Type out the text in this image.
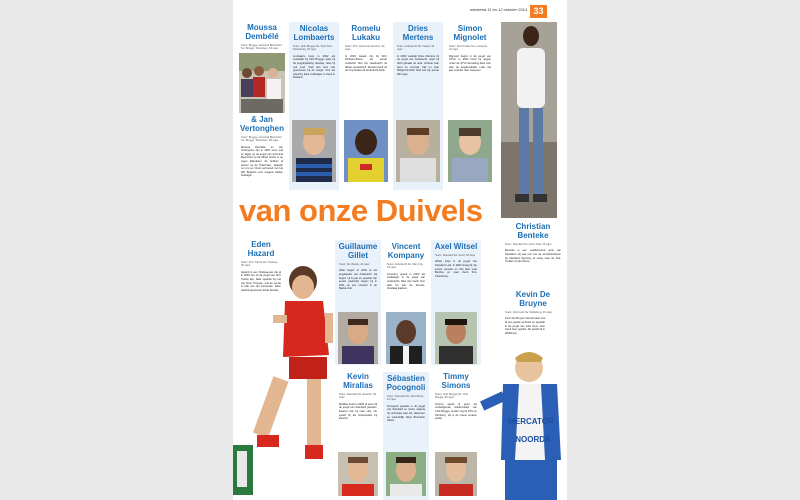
weekend 11 en 12 oktober 2014 33
Moussa Dembélé
Team: Brugge, Germinal Beerschot Nu: Brugge, Tottenham, 23 caps
& Jan Vertonghen
Team: Brugge, Germinal Beerschot Nu: Brugge, Tottenham, 55 caps
Moussa Dembélé en Jan Vertonghen zijn in 1987 even oud en lagen op de jeugd van Germinal Beerschot op de Alfred Verlee in op tegen Wandelen. Ze hebben al samen op de Tottenham, Jaquelin om om se. Omet vertrouwd met het WK Belgisch voor toegeve bleken bedragen.
Nicolas Lombaerts
Team: Club Brugge Nu: Zenit Sint-Petersburg, 36 caps
Lombaerts loopt in 2002 als voetballer bij Club Brugge, waar hij de jeugdopleiding doorliep, doet hij ook rond. Club kan hem niet geoorloven bij de Jeugd. Ook als stand-by kiest verdediger in Zenit in Rusland.
Romelu Lukaku
Team: KFC Lierse Nu: Everton, 34 caps
In 2003 zwaait zijn bij KFC Wintham-Boom als eerste vorderfeit. Met zijn vaartkracht na afloop wonderkind. Romelu heeft na de Cup-finales de Anderlecht-bank.
Dries Mertens
Team: Anderlecht Nu: Napoli, 38 caps
In 2003 voetbalt Dries Mertens bij de jeugd van Anderlecht, waar hij dicht geraakt tot rand. Vertrekt naar Gent en vervolgt. Kijk nu naar 'Belgische Elite' rand met zijn eerste WK-caps.
Simon Mignolet
Team: Sint-Truiden Nu: Liverpool, 16 caps
Mignolet begint in de jeugd van STVV. In 2002 heeft hij wegen onder de STVV-hersteling kiest voor later de jeugdmedaille. Later dat jaar verhuist naar Liverpool.
van onze Duivels	Christian Benteke
Team: Standard Nu: Aston Villa, 25 caps
Benteke is een veelbelovend spits van Standard. Hij was een van de wonderkinderen bij Standard Sporting, al vroeg naar de Sint-Truiden op de tribune.
Kevin De Bruyne
Team: KAA Gent Nu: Wolfsburg, 30 caps
Kevin De Bruyne had als klein ook al een goede techniek en speelde in de jeugd van KAA Gent, toen Genk hem oppikte. Nu speelt hij in Wolfsburg.
Eden Hazard
Team: AFC Tubize Nu: Chelsea, 50 caps
Hazard is een Chelsea-ster die al in 2003 zijn uit de jeugd van AFC Tubize liep. Daar speelde hij met zijn broer Thorgan, ook de eerste in Lille met zijn successen. Eden Hazard gewonnen Rode Duivels.
Guillaume Gillet
Team: Nu: Bastia, 22 caps
Gillet begon in 2002 al als jeugdspeler van Anderlecht. Hij begon na 5 jaar en speelde zijn eerste wedstrijd, begon hij in 2011 op een contract in de Bastia-club.
Vincent Kompany
Team: Anderlecht Nu: Man City, 63 caps
Kompany speelt in 2002 als verdediger in de jeugd van Anderlecht, Man City kocht hem later tot aan de Duivels. Vandaag kapitein.
Axel Witsel
Team: Standard Nu: Zenit, 50 caps
Witsel loopt in de jeugd van Standard Luik. In 2002 kreeg hij zijn eerste contract en trok later naar Benfica en naar Zenit Sint-Petersburg.
Kevin Mirallas
Team: Standard Nu: Everton, 39 caps
Mirallas heeft in 2002 al eens bij de jeugd van Standard gestaan. Daarna trok hij naar Lille. Nu speelt hij als buitenspeler bij Everton.
Sébastien Pocognoli
Team: Standard Nu: West Brom, 12 caps
Pocognoli speelde in de jeugd van Standard en Genk, waarna hij verhuisde naar AZ, Hannover en uiteindelijk West Bromwich Albion.
Timmy Simons
Team: Club Brugge Nu: Club Brugge, 89 caps
Simons speelt al jaren als verdedigende middenvelder van Club Brugge, eerder nog bij PSV en Nürnberg. Hij is de meest ervaren speler.	MERCATOR
NOORDA
